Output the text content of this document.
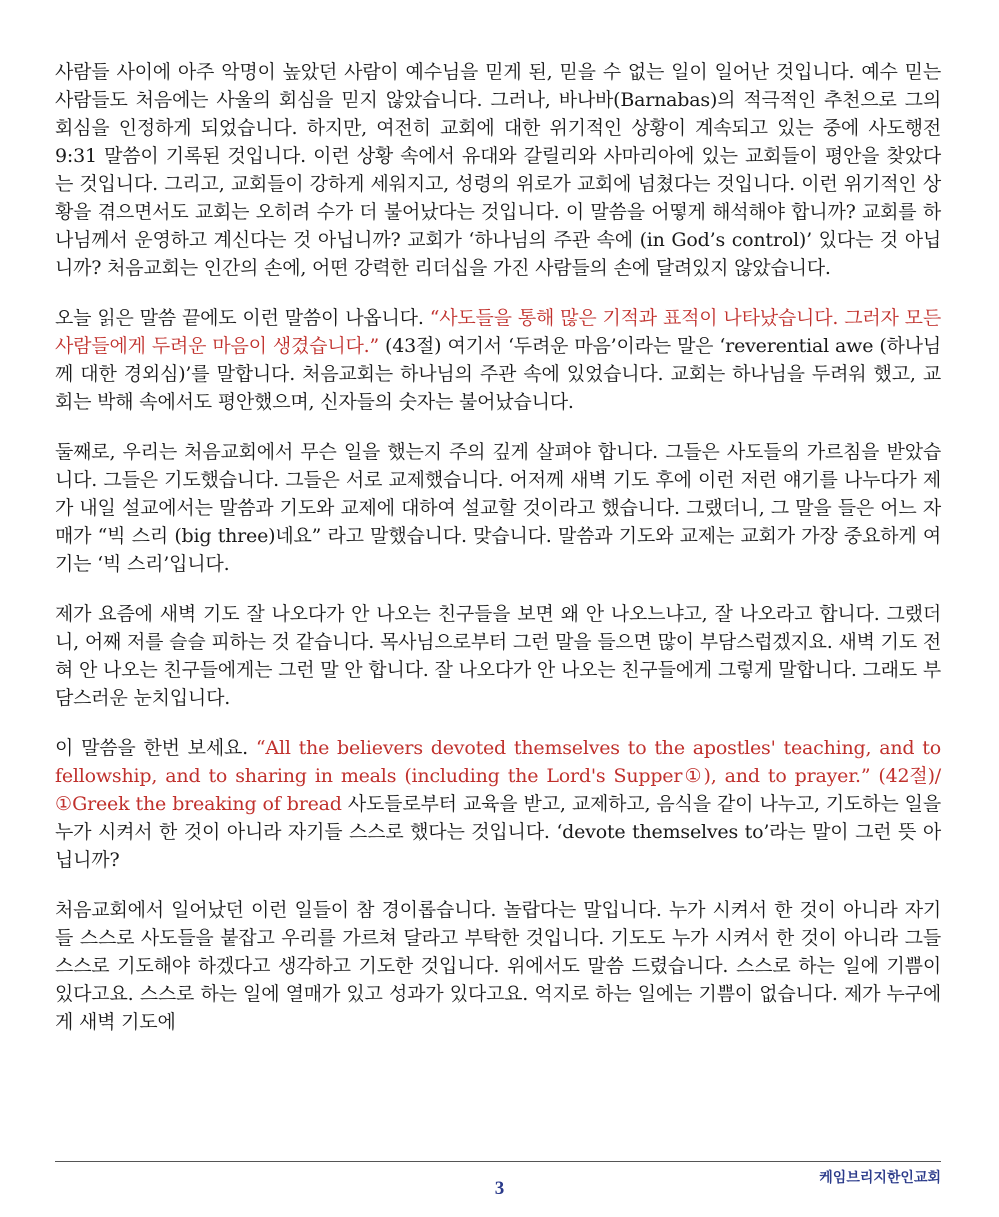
사람들 사이에 아주 악명이 높았던 사람이 예수님을 믿게 된, 믿을 수 없는 일이 일어난 것입니다. 예수 믿는 사람들도 처음에는 사울의 회심을 믿지 않았습니다. 그러나, 바나바(Barnabas)의 적극적인 추천으로 그의 회심을 인정하게 되었습니다. 하지만, 여전히 교회에 대한 위기적인 상황이 계속되고 있는 중에 사도행전 9:31 말씀이 기록된 것입니다. 이런 상황 속에서 유대와 갈릴리와 사마리아에 있는 교회들이 평안을 찾았다는 것입니다. 그리고, 교회들이 강하게 세워지고, 성령의 위로가 교회에 넘쳤다는 것입니다. 이런 위기적인 상황을 겪으면서도 교회는 오히려 수가 더 불어났다는 것입니다. 이 말씀을 어떻게 해석해야 합니까? 교회를 하나님께서 운영하고 계신다는 것 아닙니까? 교회가 ‘하나님의 주관 속에 (in God’s control)’ 있다는 것 아닙니까? 처음교회는 인간의 손에, 어떤 강력한 리더십을 가진 사람들의 손에 달려있지 않았습니다.

오늘 읽은 말씀 끝에도 이런 말씀이 나옵니다. “사도들을 통해 많은 기적과 표적이 나타났습니다. 그러자 모든 사람들에게 두려운 마음이 생겼습니다.” (43절) 여기서 ‘두려운 마음’이라는 말은 ‘reverential awe (하나님께 대한 경외심)’를 말합니다. 처음교회는 하나님의 주관 속에 있었습니다. 교회는 하나님을 두려워 했고, 교회는 박해 속에서도 평안했으며, 신자들의 숫자는 불어났습니다.

둘째로, 우리는 처음교회에서 무슨 일을 했는지 주의 깊게 살펴야 합니다. 그들은 사도들의 가르침을 받았습니다. 그들은 기도했습니다. 그들은 서로 교제했습니다. 어저께 새벽 기도 후에 이런 저런 얘기를 나누다가 제가 내일 설교에서는 말씀과 기도와 교제에 대하여 설교할 것이라고 했습니다. 그랬더니, 그 말을 들은 어느 자매가 “빅 스리 (big three)네요” 라고 말했습니다. 맞습니다. 말씀과 기도와 교제는 교회가 가장 중요하게 여기는 ‘빅 스리’입니다.

제가 요즘에 새벽 기도 잘 나오다가 안 나오는 친구들을 보면 왜 안 나오느냐고, 잘 나오라고 합니다. 그랬더니, 어째 저를 슬슬 피하는 것 같습니다. 목사님으로부터 그런 말을 들으면 많이 부담스럽겠지요. 새벽 기도 전혀 안 나오는 친구들에게는 그런 말 안 합니다. 잘 나오다가 안 나오는 친구들에게 그렇게 말합니다. 그래도 부담스러운 눈치입니다.

이 말씀을 한번 보세요. “All the believers devoted themselves to the apostles' teaching, and to fellowship, and to sharing in meals (including the Lord's Supper①), and to prayer.” (42절)/ ①Greek the breaking of bread 사도들로부터 교육을 받고, 교제하고, 음식을 같이 나누고, 기도하는 일을 누가 시켜서 한 것이 아니라 자기들 스스로 했다는 것입니다. ‘devote themselves to’라는 말이 그런 뜻 아닙니까?

처음교회에서 일어났던 이런 일들이 참 경이롭습니다. 놀랍다는 말입니다. 누가 시켜서 한 것이 아니라 자기들 스스로 사도들을 붙잡고 우리를 가르쳐 달라고 부탁한 것입니다. 기도도 누가 시켜서 한 것이 아니라 그들 스스로 기도해야 하겠다고 생각하고 기도한 것입니다. 위에서도 말씀 드렸습니다. 스스로 하는 일에 기쁨이 있다고요. 스스로 하는 일에 열매가 있고 성과가 있다고요. 억지로 하는 일에는 기쁨이 없습니다. 제가 누구에게 새벽 기도에

케임브리지한인교회
3
